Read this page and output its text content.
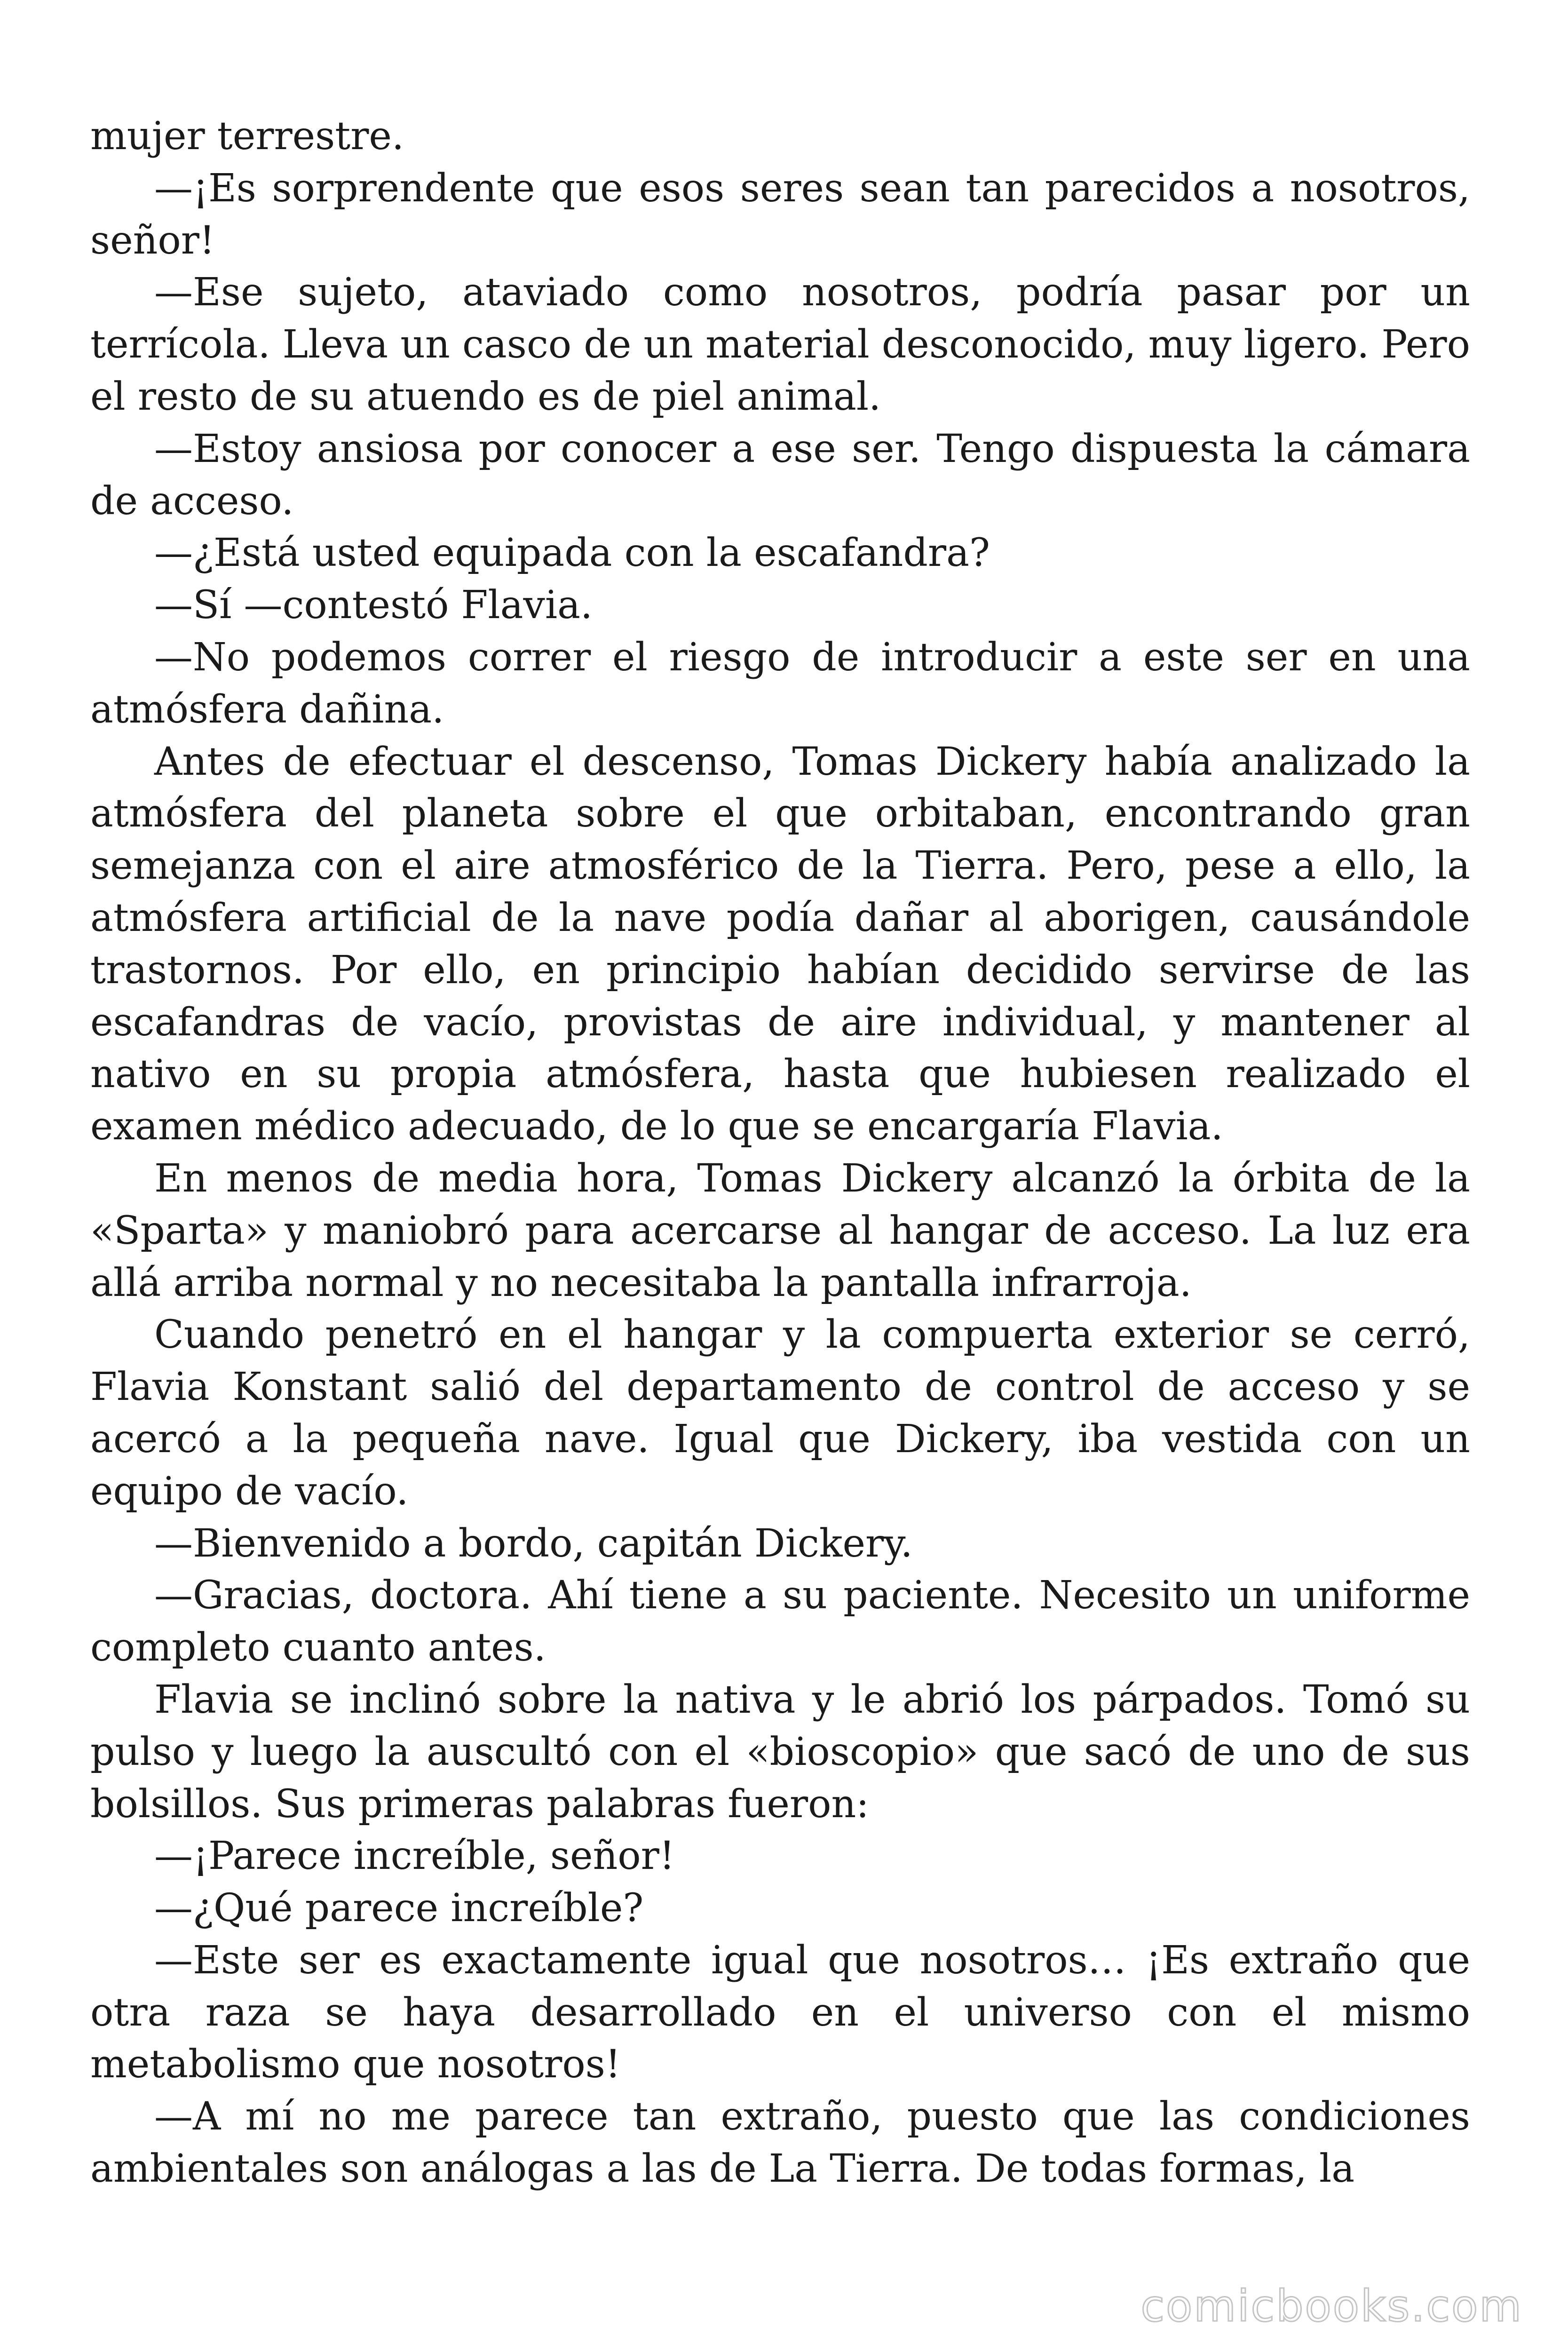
mujer terrestre.

—¡Es sorprendente que esos seres sean tan parecidos a nosotros, señor!

—Ese sujeto, ataviado como nosotros, podría pasar por un terrícola. Lleva un casco de un material desconocido, muy ligero. Pero el resto de su atuendo es de piel animal.

—Estoy ansiosa por conocer a ese ser. Tengo dispuesta la cámara de acceso.

—¿Está usted equipada con la escafandra?

—Sí —contestó Flavia.

—No podemos correr el riesgo de introducir a este ser en una atmósfera dañina.

Antes de efectuar el descenso, Tomas Dickery había analizado la atmósfera del planeta sobre el que orbitaban, encontrando gran semejanza con el aire atmosférico de la Tierra. Pero, pese a ello, la atmósfera artificial de la nave podía dañar al aborigen, causándole trastornos. Por ello, en principio habían decidido servirse de las escafandras de vacío, provistas de aire individual, y mantener al nativo en su propia atmósfera, hasta que hubiesen realizado el examen médico adecuado, de lo que se encargaría Flavia.

En menos de media hora, Tomas Dickery alcanzó la órbita de la «Sparta» y maniobró para acercarse al hangar de acceso. La luz era allá arriba normal y no necesitaba la pantalla infrarroja.

Cuando penetró en el hangar y la compuerta exterior se cerró, Flavia Konstant salió del departamento de control de acceso y se acercó a la pequeña nave. Igual que Dickery, iba vestida con un equipo de vacío.

—Bienvenido a bordo, capitán Dickery.

—Gracias, doctora. Ahí tiene a su paciente. Necesito un uniforme completo cuanto antes.

Flavia se inclinó sobre la nativa y le abrió los párpados. Tomó su pulso y luego la auscultó con el «bioscopio» que sacó de uno de sus bolsillos. Sus primeras palabras fueron:

—¡Parece increíble, señor!

—¿Qué parece increíble?

—Este ser es exactamente igual que nosotros… ¡Es extraño que otra raza se haya desarrollado en el universo con el mismo metabolismo que nosotros!

—A mí no me parece tan extraño, puesto que las condiciones ambientales son análogas a las de La Tierra. De todas formas, la

comicbooks.com
